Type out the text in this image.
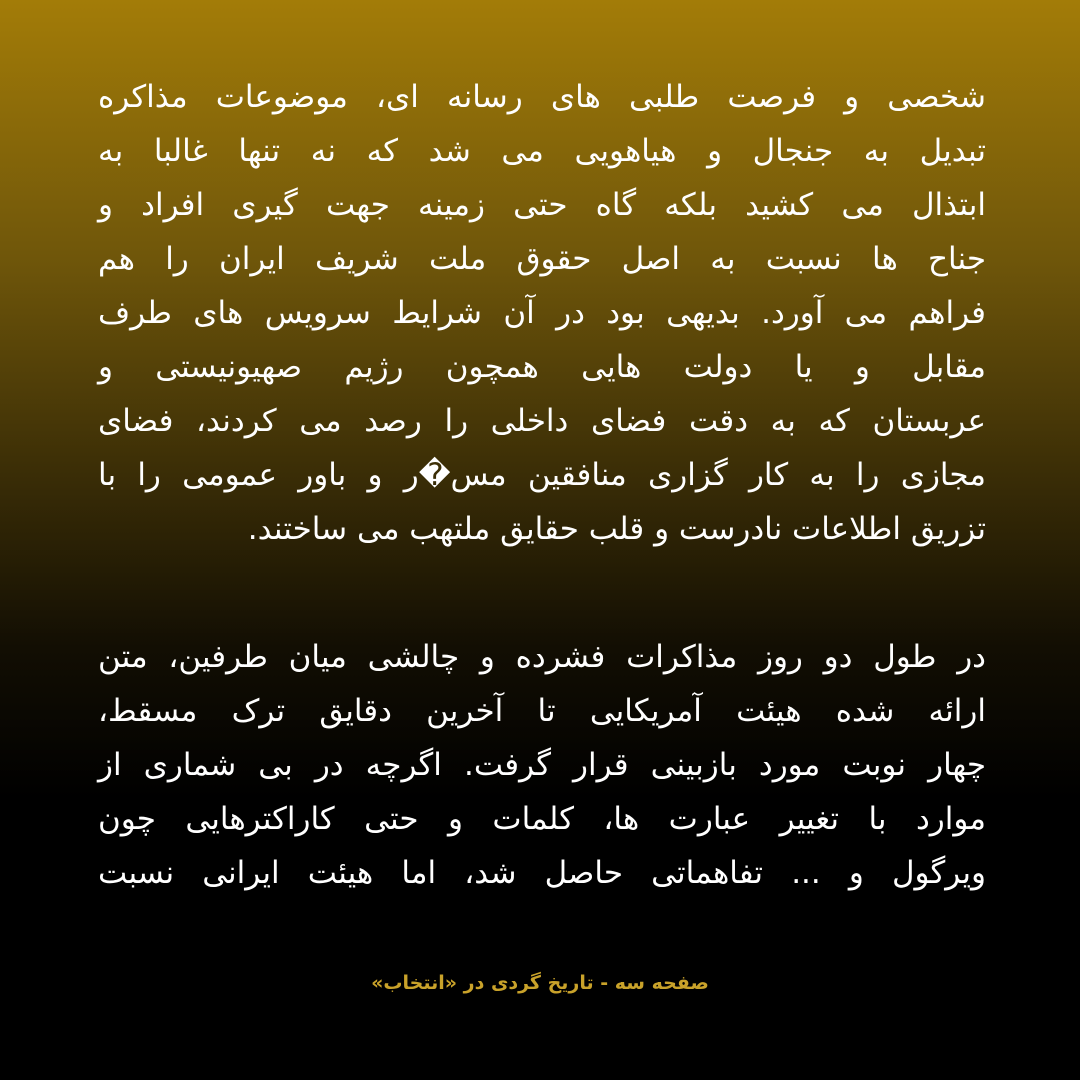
شخصی و فرصت طلبی های رسانه ای، موضوعات مذاکره
تبدیل به جنجال و هیاهویی می شد که نه تنها غالبا به
ابتذال می کشید بلکه گاه حتی زمینه جهت گیری افراد و
جناح ها نسبت به اصل حقوق ملت شریف ایران را هم
فراهم می آورد. بدیهی بود در آن شرایط سرویس های طرف
مقابل و یا دولت هایی همچون رژیم صهیونیستی و
عربستان که به دقت فضای داخلی را رصد می کردند، فضای
مجازی را به کار گزاری منافقین مس�ر و باور عمومی را با
تزریق اطلاعات نادرست و قلب حقایق ملتهب می ساختند.
در طول دو روز مذاکرات فشرده و چالشی میان طرفین، متن
ارائه شده هیئت آمریکایی تا آخرین دقایق ترک مسقط،
چهار نوبت مورد بازبینی قرار گرفت. اگرچه در بی شماری از
موارد با تغییر عبارت ها، کلمات و حتی کاراکترهایی چون
ویرگول و ... تفاهماتی حاصل شد، اما هیئت ایرانی نسبت
صفحه سه - تاریخ گردی در «انتخاب»
